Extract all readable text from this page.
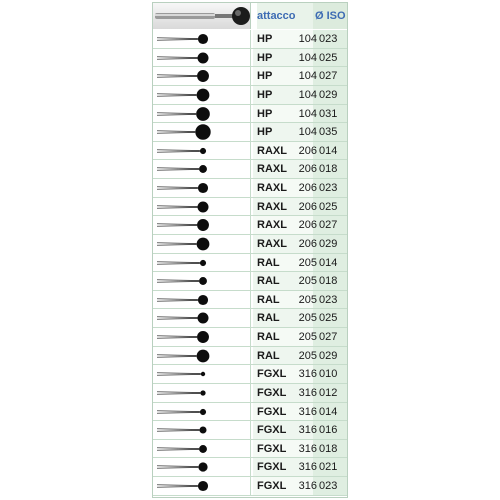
attacco	Ø ISO
HP	104 023
HP	104 025
HP	104 027
HP	104 029
HP	104 031
HP	104 035
RAXL	206 014
RAXL	206 018
RAXL	206 023
RAXL	206 025
RAXL	206 027
RAXL	206 029
RAL	205 014
RAL	205 018
RAL	205 023
RAL	205 025
RAL	205 027
RAL	205 029
FGXL	316 010
FGXL	316 012
FGXL	316 014
FGXL	316 016
FGXL	316 018
FGXL	316 021
FGXL	316 023
